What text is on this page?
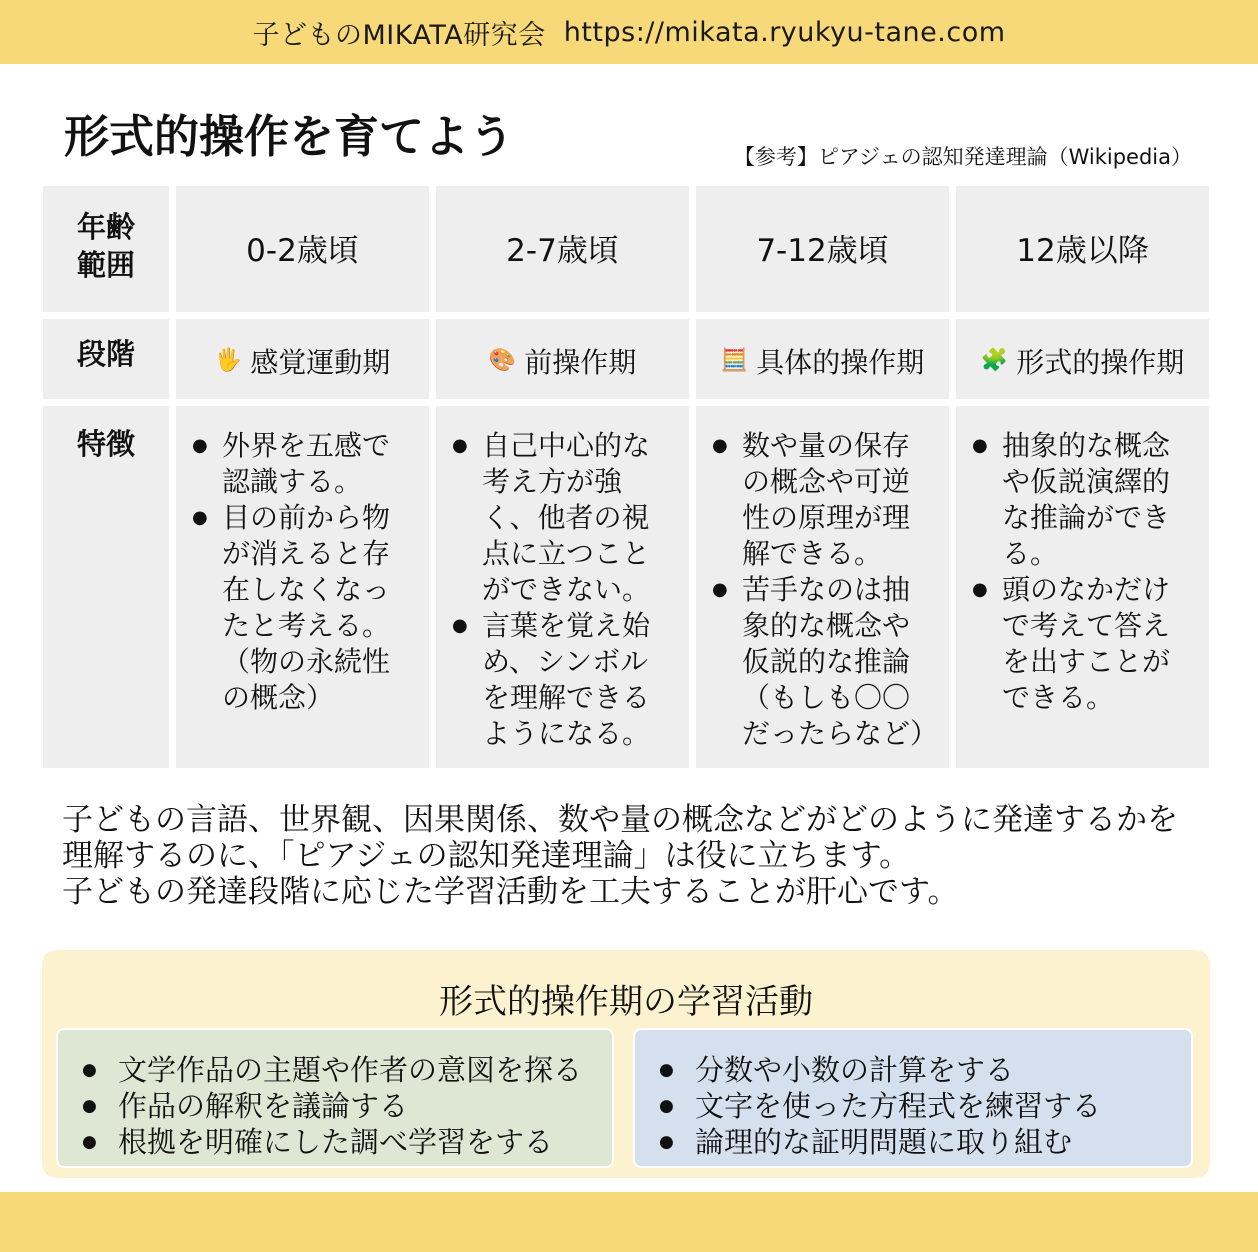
子どものMIKATA研究会 https://mikata.ryukyu-tane.com
形式的操作を育てよう	【参考】ピアジェの認知発達理論（Wikipedia）
年齢範囲	0-2歳頃	2-7歳頃	7-12歳頃	12歳以降
段階	🖐 感覚運動期	🎨 前操作期	🧮 具体的操作期	🧩 形式的操作期
特徴
●	外界を五感で認識する。
● 目の前から物が消えると存在しなくなったと考える。（物の永続性の概念）
● 自己中心的な考え方が強く、他者の視点に立つことができない。
● 言葉を覚え始め、シンボルを理解できるようになる。
● 数や量の保存の概念や可逆性の原理が理解できる。
● 苦手なのは抽象的な概念や仮説的な推論（もしも〇〇だったらなど）
● 抽象的な概念や仮説演繹的な推論ができる。
● 頭のなかだけで考えて答えを出すことができる。
子どもの言語、世界観、因果関係、数や量の概念などがどのように発達するかを
理解するのに、「ピアジェの認知発達理論」は役に立ちます。
子どもの発達段階に応じた学習活動を工夫することが肝心です。
形式的操作期の学習活動
● 文学作品の主題や作者の意図を探る
● 作品の解釈を議論する
● 根拠を明確にした調べ学習をする
● 分数や小数の計算をする
● 文字を使った方程式を練習する
● 論理的な証明問題に取り組む
